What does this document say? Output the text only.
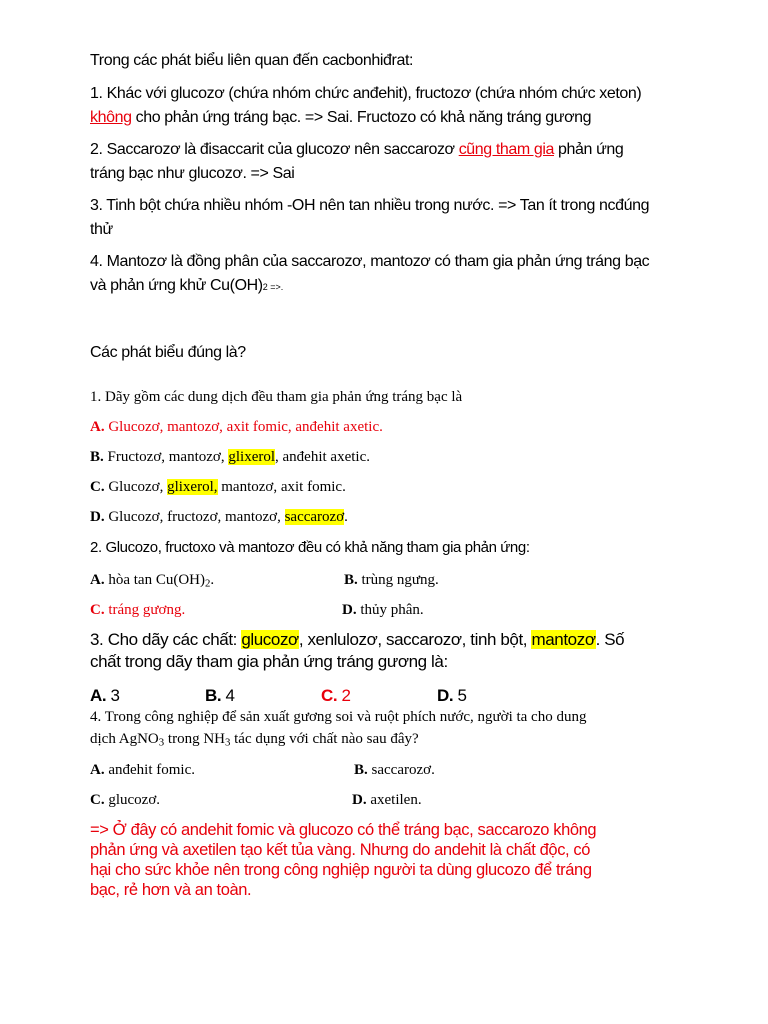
Trong các phát biểu liên quan đến cacbonhiđrat:
1. Khác với glucozơ (chứa nhóm chức anđehit), fructozơ (chứa nhóm chức xeton)
không cho phản ứng tráng bạc. => Sai. Fructozo có khả năng tráng gương
2. Saccarozơ là đisaccarit của glucozơ nên saccarozơ cũng tham gia phản ứng
tráng bạc như glucozơ. => Sai
3. Tinh bột chứa nhiều nhóm -OH nên tan nhiều trong nước. => Tan ít trong ncđúng
thử
4. Mantozơ là đồng phân của saccarozơ, mantozơ có tham gia phản ứng tráng bạc
và phản ứng khử Cu(OH)2 =>.
Các phát biểu đúng là?
1. Dãy gồm các dung dịch đều tham gia phản ứng tráng bạc là
A. Glucozơ, mantozơ, axit fomic, anđehit axetic.
B. Fructozơ, mantozơ, glixerol, anđehit axetic.
C. Glucozơ, glixerol, mantozơ, axit fomic.
D. Glucozơ, fructozơ, mantozơ, saccarozơ.
2. Glucozo, fructoxo và mantozơ đều có khả năng tham gia phản ứng:
A. hòa $\tan Cu(OH)_2$.	B. trùng ngưng.
C. tráng gương.	D. thủy phân.
3. Cho dãy các chất: glucozơ, xenlulozơ, saccarozơ, tinh bột, mantozơ. Số
chất trong dãy tham gia phản ứng tráng gương là:
A. 3	B. 4	C. 2	D. 5
4. Trong công nghiệp để sản xuất gương soi và ruột phích nước, người ta cho dung
dịch AgNO$_3$ trong $NH_3$ tác dụng với chất nào sau đây?
A. anđehit fomic.	B. saccarozơ.
C. glucozơ.	D. axetilen.
=> Ở đây có andehit fomic và glucozo có thể tráng bạc, saccarozo không
phản ứng và axetilen tạo kết tủa vàng. Nhưng do andehit là chất độc, có
hại cho sức khỏe nên trong công nghiệp người ta dùng glucozo để tráng
bạc, rẻ hơn và an toàn.
